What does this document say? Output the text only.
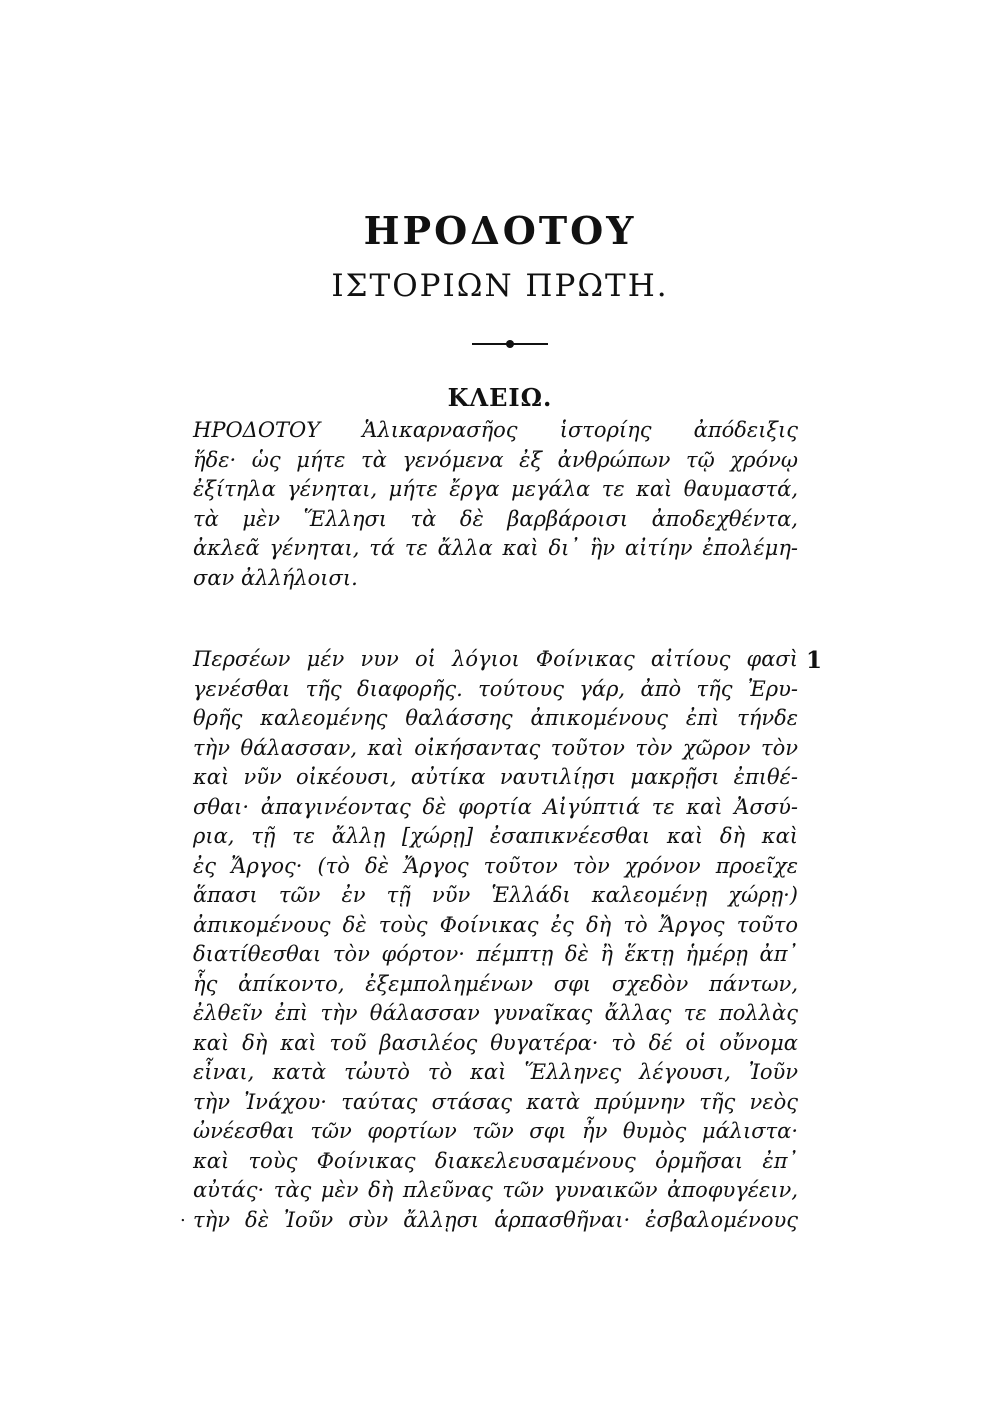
ΗΡΟΔΟΤΟΥ
ΙΣΤΟΡΙΩΝ ΠΡΩΤΗ.
ΚΛΕΙΩ.
ΗΡΟΔΟΤΟΥ Ἁλικαρνασῆος ἱστορίης ἀπόδειξις
ἥδε· ὡς μήτε τὰ γενόμενα ἐξ ἀνθρώπων τῷ χρόνῳ
ἐξίτηλα γένηται, μήτε ἔργα μεγάλα τε καὶ θαυμαστά,
τὰ μὲν Ἕλλησι τὰ δὲ βαρβάροισι ἀποδεχθέντα,
ἀκλεᾶ γένηται, τά τε ἄλλα καὶ δι᾽ ἣν αἰτίην ἐπολέμη-
σαν ἀλλήλοισι.
1
Περσέων μέν νυν οἱ λόγιοι Φοίνικας αἰτίους φασὶ
γενέσθαι τῆς διαφορῆς. τούτους γάρ, ἀπὸ τῆς Ἐρυ-
θρῆς καλεομένης θαλάσσης ἀπικομένους ἐπὶ τήνδε
τὴν θάλασσαν, καὶ οἰκήσαντας τοῦτον τὸν χῶρον τὸν
καὶ νῦν οἰκέουσι, αὐτίκα ναυτιλίῃσι μακρῇσι ἐπιθέ-
σθαι· ἀπαγινέοντας δὲ φορτία Αἰγύπτιά τε καὶ Ἀσσύ-
ρια, τῇ τε ἄλλῃ [χώρῃ] ἐσαπικνέεσθαι καὶ δὴ καὶ
ἐς Ἄργος· (τὸ δὲ Ἄργος τοῦτον τὸν χρόνον προεῖχε
ἅπασι τῶν ἐν τῇ νῦν Ἑλλάδι καλεομένῃ χώρῃ·)
ἀπικομένους δὲ τοὺς Φοίνικας ἐς δὴ τὸ Ἄργος τοῦτο
διατίθεσθαι τὸν φόρτον· πέμπτῃ δὲ ἢ ἕκτῃ ἡμέρῃ ἀπ᾽
ἧς ἀπίκοντο, ἐξεμπολημένων σφι σχεδὸν πάντων,
ἐλθεῖν ἐπὶ τὴν θάλασσαν γυναῖκας ἄλλας τε πολλὰς
καὶ δὴ καὶ τοῦ βασιλέος θυγατέρα· τὸ δέ οἱ οὔνομα
εἶναι, κατὰ τὠυτὸ τὸ καὶ Ἕλληνες λέγουσι, Ἰοῦν
τὴν Ἰνάχου· ταύτας στάσας κατὰ πρύμνην τῆς νεὸς
ὠνέεσθαι τῶν φορτίων τῶν σφι ἦν θυμὸς μάλιστα·
καὶ τοὺς Φοίνικας διακελευσαμένους ὁρμῆσαι ἐπ᾽
αὐτάς· τὰς μὲν δὴ πλεῦνας τῶν γυναικῶν ἀποφυγέειν,
τὴν δὲ Ἰοῦν σὺν ἄλλῃσι ἁρπασθῆναι· ἐσβαλομένους
.
